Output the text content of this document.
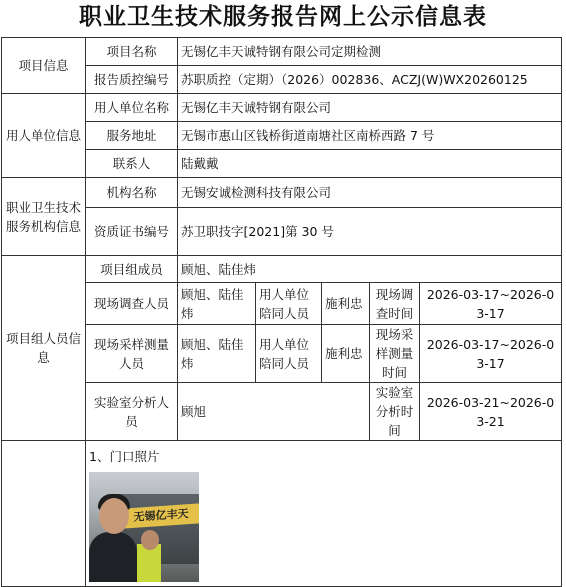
职业卫生技术服务报告网上公示信息表
项目信息	项目名称	无锡亿丰天诚特钢有限公司定期检测				
	报告质控编号	苏职质控（定期）（2026）002836、ACZJ(W)WX20260125				
用人单位信息	用人单位名称	无锡亿丰天诚特钢有限公司				
	服务地址	无锡市惠山区钱桥街道南塘社区南桥西路 7 号				
	联系人	陆戴戴				
职业卫生技术服务机构信息	机构名称	无锡安诚检测科技有限公司				
	资质证书编号	苏卫职技字[2021]第 30 号				
项目组人员信息	项目组成员	顾旭、陆佳炜				
	现场调查人员	顾旭、陆佳炜	用人单位陪同人员	施利忠	现场调查时间	2026-03-17~2026-03-17
	现场采样测量人员	顾旭、陆佳炜	用人单位陪同人员	施利忠	现场采样测量时间	2026-03-17~2026-03-17
	实验室分析人员	顾旭			实验室分析时间	2026-03-21~2026-03-21

	1、门口照片
无锡亿丰天					
